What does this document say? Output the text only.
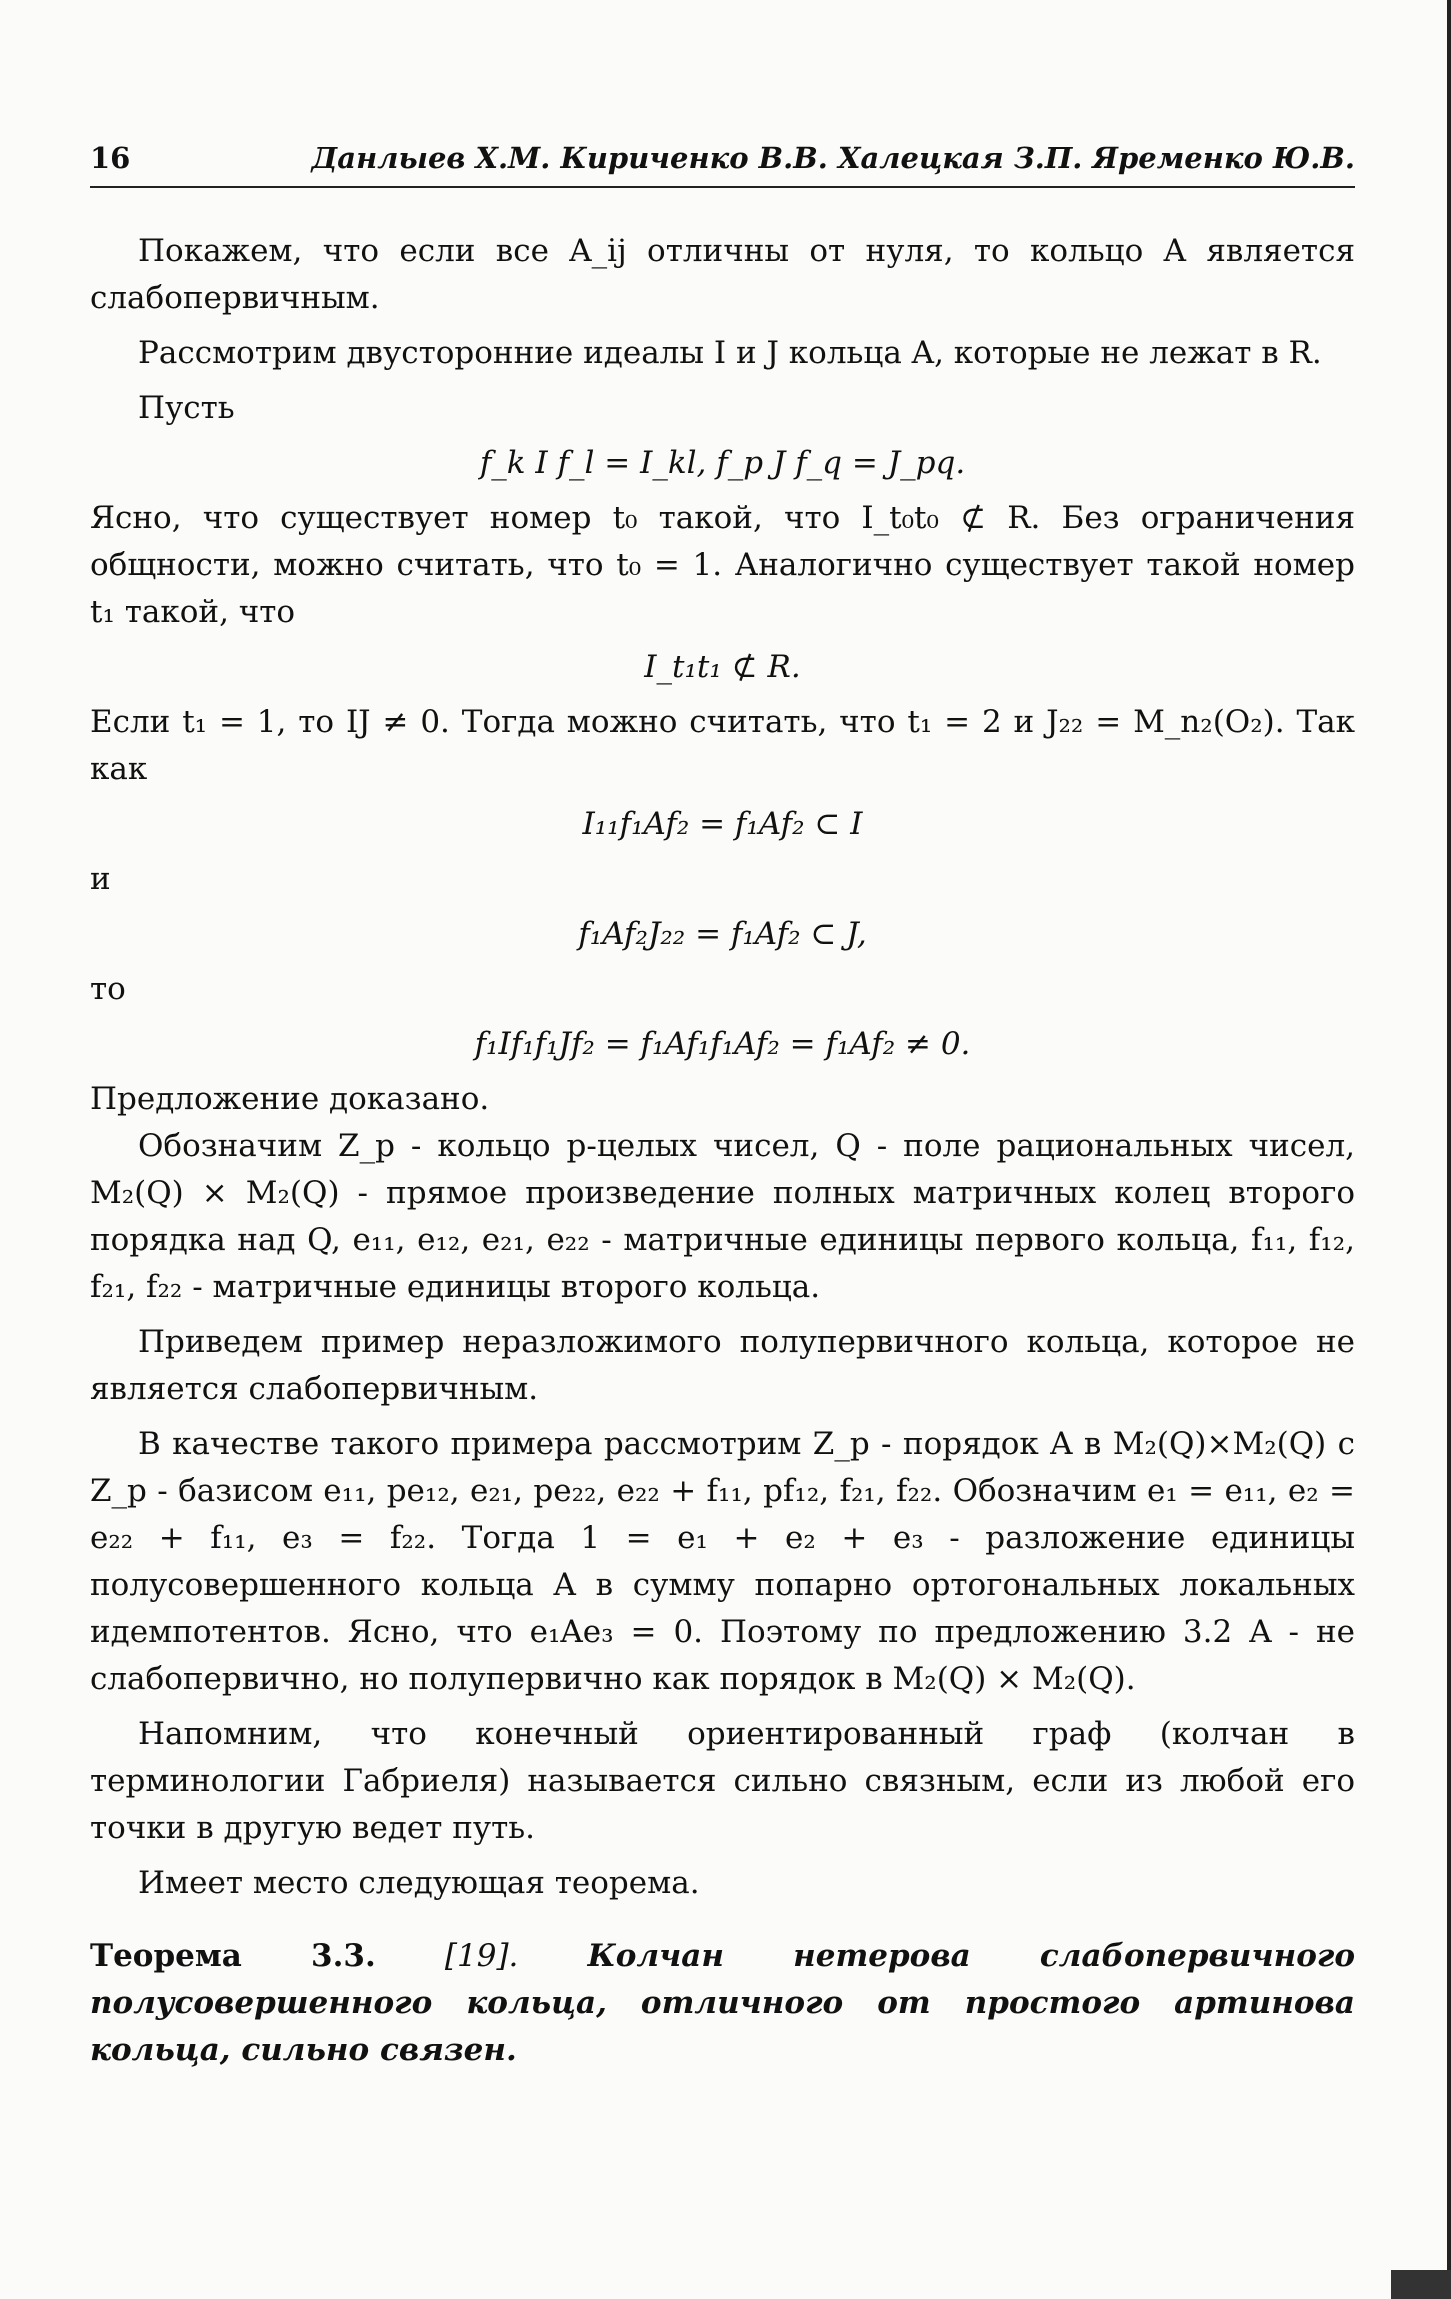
16	Данлыев Х.М. Кириченко В.В. Халецкая З.П. Яременко Ю.В.

Покажем, что если все A_ij отличны от нуля, то кольцо A является слабопервичным.

Рассмотрим двусторонние идеалы I и J кольца A, которые не лежат в R.

Пусть

f_k I f_l = I_kl, f_p J f_q = J_pq.

Ясно, что существует номер t₀ такой, что I_t₀t₀ ⊄ R. Без ограничения общности, можно считать, что t₀ = 1. Аналогично существует такой номер t₁ такой, что

I_t₁t₁ ⊄ R.

Если t₁ = 1, то IJ ≠ 0. Тогда можно считать, что t₁ = 2 и J₂₂ = M_n₂(O₂). Так как

I₁₁f₁Af₂ = f₁Af₂ ⊂ I
и
f₁Af₂J₂₂ = f₁Af₂ ⊂ J,
то
f₁If₁f₁Jf₂ = f₁Af₁f₁Af₂ = f₁Af₂ ≠ 0.

Предложение доказано.

Обозначим Z_p - кольцо p-целых чисел, Q - поле рациональных чисел, M₂(Q) × M₂(Q) - прямое произведение полных матричных колец второго порядка над Q, e₁₁, e₁₂, e₂₁, e₂₂ - матричные единицы первого кольца, f₁₁, f₁₂, f₂₁, f₂₂ - матричные единицы второго кольца.

Приведем пример неразложимого полупервичного кольца, которое не является слабопервичным.

В качестве такого примера рассмотрим Z_p - порядок A в M₂(Q)×M₂(Q) с Z_p - базисом e₁₁, pe₁₂, e₂₁, pe₂₂, e₂₂ + f₁₁, pf₁₂, f₂₁, f₂₂. Обозначим e₁ = e₁₁, e₂ = e₂₂ + f₁₁, e₃ = f₂₂. Тогда 1 = e₁ + e₂ + e₃ - разложение единицы полусовершенного кольца A в сумму попарно ортогональных локальных идемпотентов. Ясно, что e₁Ae₃ = 0. Поэтому по предложению 3.2 A - не слабопервично, но полупервично как порядок в M₂(Q) × M₂(Q).

Напомним, что конечный ориентированный граф (колчан в терминологии Габриеля) называется сильно связным, если из любой его точки в другую ведет путь.

Имеет место следующая теорема.

Теорема 3.3. [19]. Колчан нетерова слабопервичного полусовершенного кольца, отличного от простого артинова кольца, сильно связен.
